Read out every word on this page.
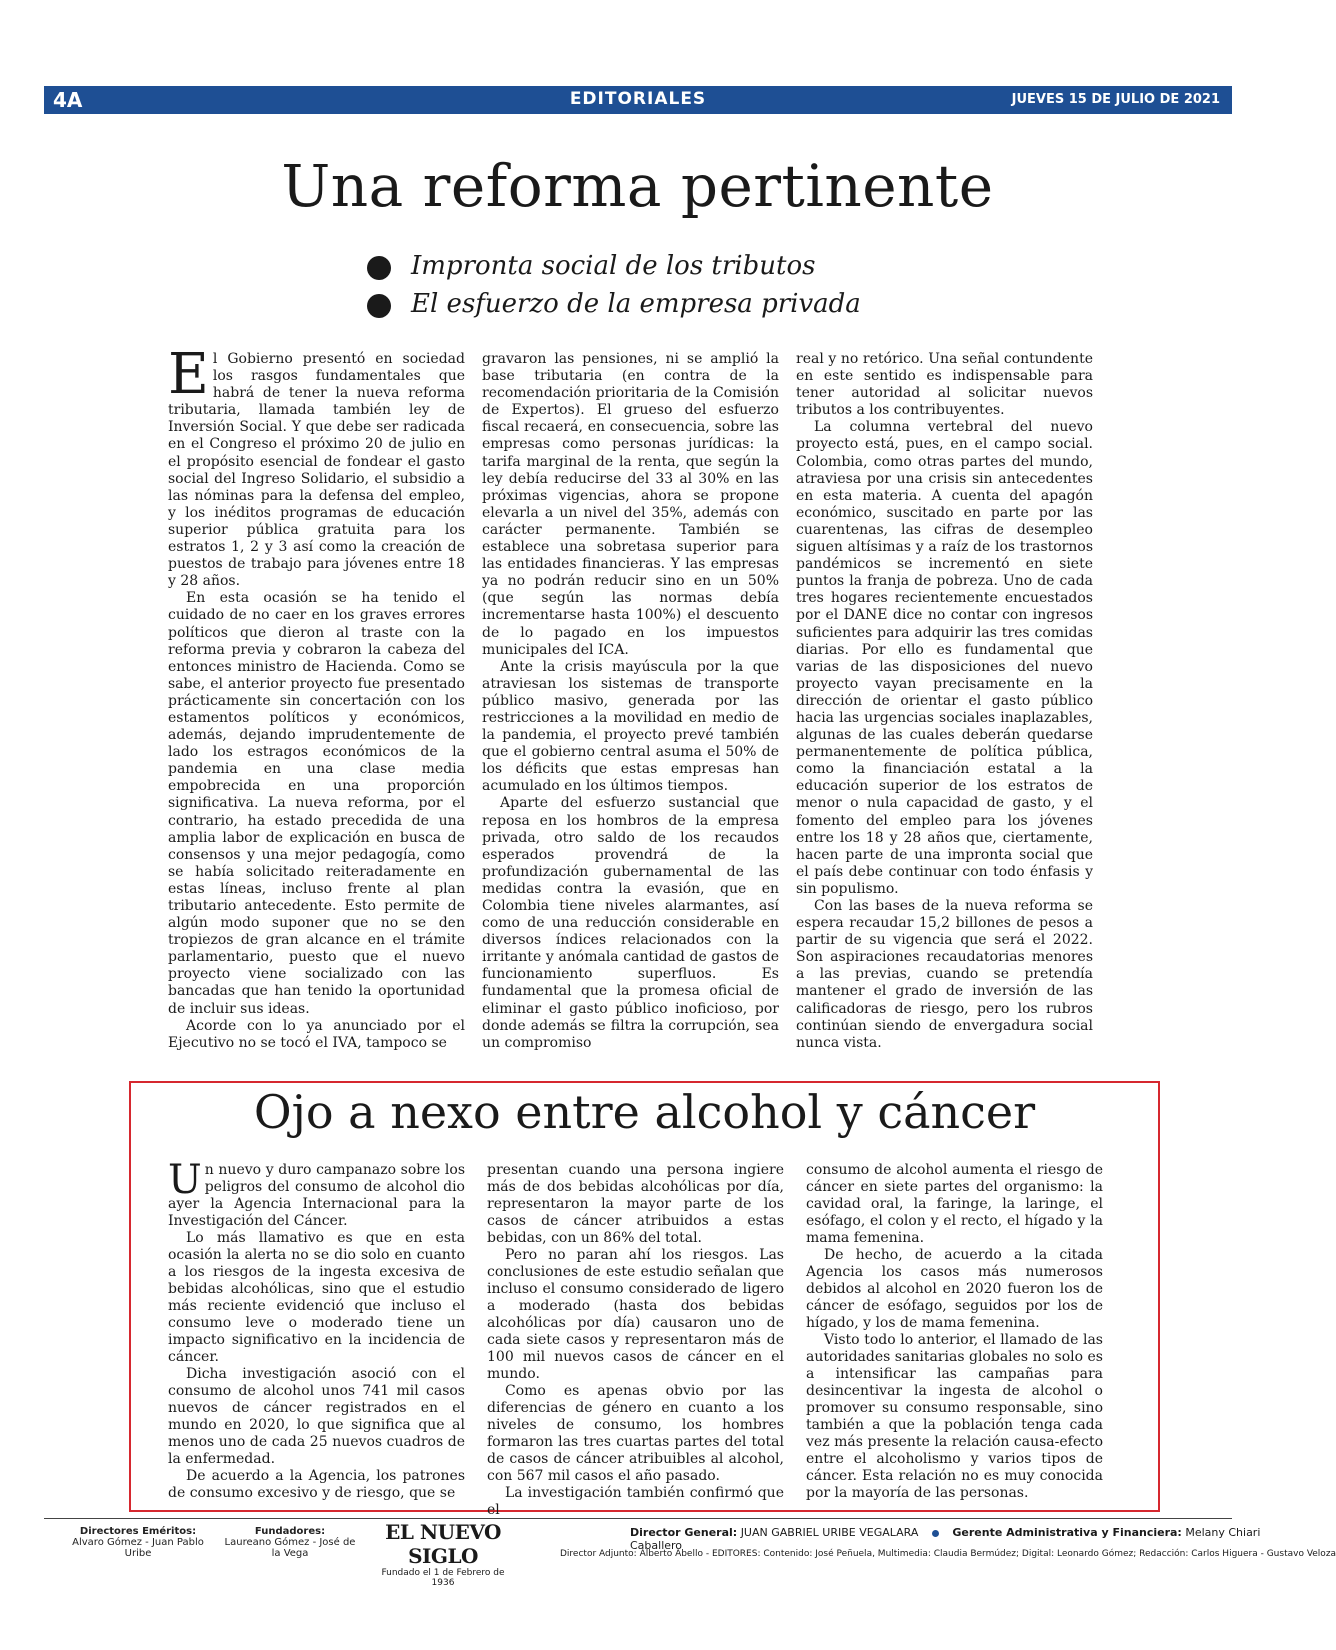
4A	EDITORIALES	JUEVES 15 DE JULIO DE 2021
Una reforma pertinente
Impronta social de los tributos
El esfuerzo de la empresa privada

El Gobierno presentó en sociedad los rasgos fundamentales que habrá de tener la nueva reforma tributaria, llamada también ley de Inversión Social. Y que debe ser radicada en el Congreso el próximo 20 de julio en el propósito esencial de fondear el gasto social del Ingreso Solidario, el subsidio a las nóminas para la defensa del empleo, y los inéditos programas de educación superior pública gratuita para los estratos 1, 2 y 3 así como la creación de puestos de trabajo para jóvenes entre 18 y 28 años.

En esta ocasión se ha tenido el cuidado de no caer en los graves errores políticos que dieron al traste con la reforma previa y cobraron la cabeza del entonces ministro de Hacienda. Como se sabe, el anterior proyecto fue presentado prácticamente sin concertación con los estamentos políticos y económicos, además, dejando imprudentemente de lado los estragos económicos de la pandemia en una clase media empobrecida en una proporción significativa. La nueva reforma, por el contrario, ha estado precedida de una amplia labor de explicación en busca de consensos y una mejor pedagogía, como se había solicitado reiteradamente en estas líneas, incluso frente al plan tributario antecedente. Esto permite de algún modo suponer que no se den tropiezos de gran alcance en el trámite parlamentario, puesto que el nuevo proyecto viene socializado con las bancadas que han tenido la oportunidad de incluir sus ideas.

Acorde con lo ya anunciado por el Ejecutivo no se tocó el IVA, tampoco se

gravaron las pensiones, ni se amplió la base tributaria (en contra de la recomendación prioritaria de la Comisión de Expertos). El grueso del esfuerzo fiscal recaerá, en consecuencia, sobre las empresas como personas jurídicas: la tarifa marginal de la renta, que según la ley debía reducirse del 33 al 30% en las próximas vigencias, ahora se propone elevarla a un nivel del 35%, además con carácter permanente. También se establece una sobretasa superior para las entidades financieras. Y las empresas ya no podrán reducir sino en un 50% (que según las normas debía incrementarse hasta 100%) el descuento de lo pagado en los impuestos municipales del ICA.

Ante la crisis mayúscula por la que atraviesan los sistemas de transporte público masivo, generada por las restricciones a la movilidad en medio de la pandemia, el proyecto prevé también que el gobierno central asuma el 50% de los déficits que estas empresas han acumulado en los últimos tiempos.

Aparte del esfuerzo sustancial que reposa en los hombros de la empresa privada, otro saldo de los recaudos esperados provendrá de la profundización gubernamental de las medidas contra la evasión, que en Colombia tiene niveles alarmantes, así como de una reducción considerable en diversos índices relacionados con la irritante y anómala cantidad de gastos de funcionamiento superfluos. Es fundamental que la promesa oficial de eliminar el gasto público inoficioso, por donde además se filtra la corrupción, sea un compromiso

real y no retórico. Una señal contundente en este sentido es indispensable para tener autoridad al solicitar nuevos tributos a los contribuyentes.

La columna vertebral del nuevo proyecto está, pues, en el campo social. Colombia, como otras partes del mundo, atraviesa por una crisis sin antecedentes en esta materia. A cuenta del apagón económico, suscitado en parte por las cuarentenas, las cifras de desempleo siguen altísimas y a raíz de los trastornos pandémicos se incrementó en siete puntos la franja de pobreza. Uno de cada tres hogares recientemente encuestados por el DANE dice no contar con ingresos suficientes para adquirir las tres comidas diarias. Por ello es fundamental que varias de las disposiciones del nuevo proyecto vayan precisamente en la dirección de orientar el gasto público hacia las urgencias sociales inaplazables, algunas de las cuales deberán quedarse permanentemente de política pública, como la financiación estatal a la educación superior de los estratos de menor o nula capacidad de gasto, y el fomento del empleo para los jóvenes entre los 18 y 28 años que, ciertamente, hacen parte de una impronta social que el país debe continuar con todo énfasis y sin populismo.

Con las bases de la nueva reforma se espera recaudar 15,2 billones de pesos a partir de su vigencia que será el 2022. Son aspiraciones recaudatorias menores a las previas, cuando se pretendía mantener el grado de inversión de las calificadoras de riesgo, pero los rubros continúan siendo de envergadura social nunca vista.

Ojo a nexo entre alcohol y cáncer

Un nuevo y duro campanazo sobre los peligros del consumo de alcohol dio ayer la Agencia Internacional para la Investigación del Cáncer.

Lo más llamativo es que en esta ocasión la alerta no se dio solo en cuanto a los riesgos de la ingesta excesiva de bebidas alcohólicas, sino que el estudio más reciente evidenció que incluso el consumo leve o moderado tiene un impacto significativo en la incidencia de cáncer.

Dicha investigación asoció con el consumo de alcohol unos 741 mil casos nuevos de cáncer registrados en el mundo en 2020, lo que significa que al menos uno de cada 25 nuevos cuadros de la enfermedad.

De acuerdo a la Agencia, los patrones de consumo excesivo y de riesgo, que se

presentan cuando una persona ingiere más de dos bebidas alcohólicas por día, representaron la mayor parte de los casos de cáncer atribuidos a estas bebidas, con un 86% del total.

Pero no paran ahí los riesgos. Las conclusiones de este estudio señalan que incluso el consumo considerado de ligero a moderado (hasta dos bebidas alcohólicas por día) causaron uno de cada siete casos y representaron más de 100 mil nuevos casos de cáncer en el mundo.

Como es apenas obvio por las diferencias de género en cuanto a los niveles de consumo, los hombres formaron las tres cuartas partes del total de casos de cáncer atribuibles al alcohol, con 567 mil casos el año pasado.

La investigación también confirmó que el

consumo de alcohol aumenta el riesgo de cáncer en siete partes del organismo: la cavidad oral, la faringe, la laringe, el esófago, el colon y el recto, el hígado y la mama femenina.

De hecho, de acuerdo a la citada Agencia los casos más numerosos debidos al alcohol en 2020 fueron los de cáncer de esófago, seguidos por los de hígado, y los de mama femenina.

Visto todo lo anterior, el llamado de las autoridades sanitarias globales no solo es a intensificar las campañas para desincentivar la ingesta de alcohol o promover su consumo responsable, sino también a que la población tenga cada vez más presente la relación causa-efecto entre el alcoholismo y varios tipos de cáncer. Esta relación no es muy conocida por la mayoría de las personas.

Directores Eméritos:
Alvaro Gómez - Juan Pablo Uribe
Fundadores:
Laureano Gómez - José de la Vega
EL NUEVO SIGLO
Fundado el 1 de Febrero de 1936
Director General: JUAN GABRIEL URIBE VEGALARA	Gerente Administrativa y Financiera: Melany Chiari Caballero
Director Adjunto: Alberto Abello - EDITORES: Contenido: José Peñuela, Multimedia: Claudia Bermúdez; Digital: Leonardo Gómez; Redacción: Carlos Higuera - Gustavo Veloza
